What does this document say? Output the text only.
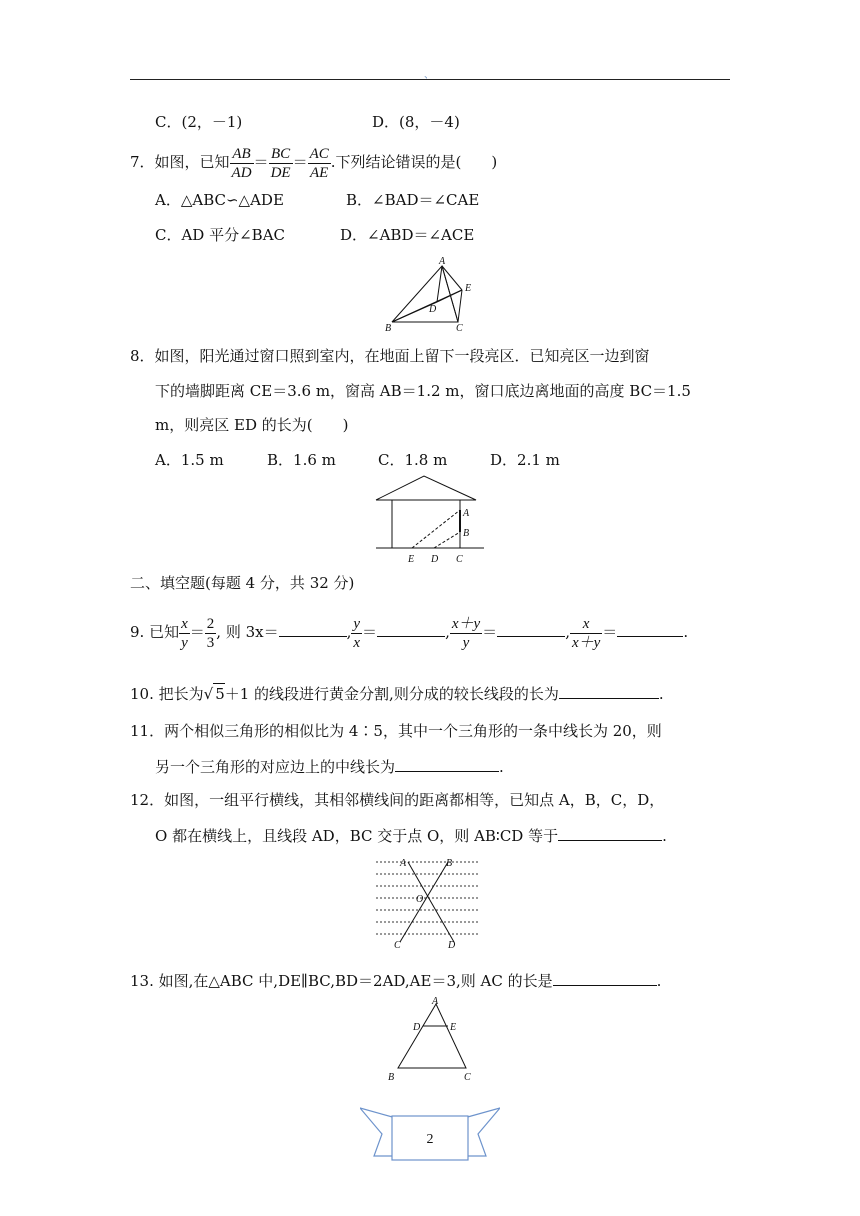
、
C．(2，－1)	D．(8，－4)
7．如图，已知 $\frac{AB}{AD} = \frac{BC}{DE} = \frac{AC}{AE}$ .下列结论错误的是(　　)
A．△ABC∽△ADE	B．∠BAD＝∠CAE
C．AD 平分∠BAC	D．∠ABD＝∠ACE
A
B	C
D
E
8．如图，阳光通过窗口照到室内，在地面上留下一段亮区．已知亮区一边到窗
下的墙脚距离 CE＝3.6 m，窗高 AB＝1.2 m，窗口底边离地面的高度 BC＝1.5
m，则亮区 ED 的长为(　　)
A．1.5 m	B．1.6 m	C．1.8 m	D．2.1 m
A
B
C
D
E
二、填空题(每题 4 分，共 32 分)
9. 已知 $\frac{x}{y} = \frac{2}{3}$ , 则 3x＝	, $\frac{y}{x}$ ＝	, $\frac{x+y}{y}$ ＝	, $\frac{x}{x+y}$ ＝	.
10. 把长为√ 5＋1 的线段进行黄金分割,则分成的较长线段的长为	.
11．两个相似三角形的相似比为 4∶5，其中一个三角形的一条中线长为 20，则
另一个三角形的对应边上的中线长为	.
12．如图，一组平行横线，其相邻横线间的距离都相等，已知点 A，B，C，D，
O 都在横线上，且线段 AD，BC 交于点 O，则 AB∶CD 等于	.
A	B
O
C	D
13. 如图,在△ABC 中,DE∥BC,BD＝2AD,AE＝3,则 AC 的长是	.
A
B	C
D	E
2
